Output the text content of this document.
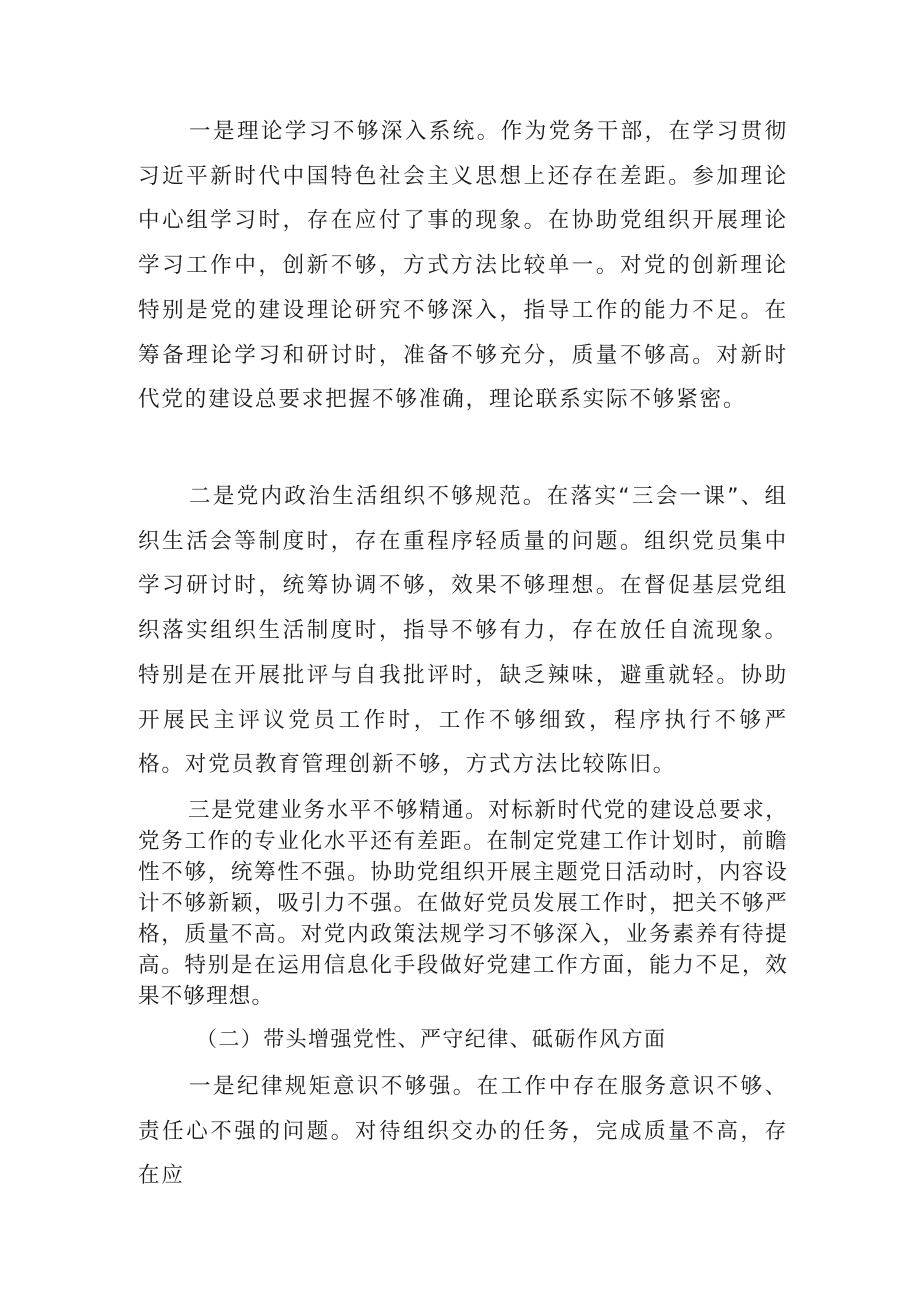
一是理论学习不够深入系统。作为党务干部，在学习贯彻习近平新时代中国特色社会主义思想上还存在差距。参加理论中心组学习时，存在应付了事的现象。在协助党组织开展理论学习工作中，创新不够，方式方法比较单一。对党的创新理论特别是党的建设理论研究不够深入，指导工作的能力不足。在筹备理论学习和研讨时，准备不够充分，质量不够高。对新时代党的建设总要求把握不够准确，理论联系实际不够紧密。

二是党内政治生活组织不够规范。在落实“三会一课”、组织生活会等制度时，存在重程序轻质量的问题。组织党员集中学习研讨时，统筹协调不够，效果不够理想。在督促基层党组织落实组织生活制度时，指导不够有力，存在放任自流现象。特别是在开展批评与自我批评时，缺乏辣味，避重就轻。协助开展民主评议党员工作时，工作不够细致，程序执行不够严格。对党员教育管理创新不够，方式方法比较陈旧。

三是党建业务水平不够精通。对标新时代党的建设总要求，党务工作的专业化水平还有差距。在制定党建工作计划时，前瞻性不够，统筹性不强。协助党组织开展主题党日活动时，内容设计不够新颖，吸引力不强。在做好党员发展工作时，把关不够严格，质量不高。对党内政策法规学习不够深入，业务素养有待提高。特别是在运用信息化手段做好党建工作方面，能力不足，效果不够理想。

（二）带头增强党性、严守纪律、砥砺作风方面

一是纪律规矩意识不够强。在工作中存在服务意识不够、责任心不强的问题。对待组织交办的任务，完成质量不高，存在应
